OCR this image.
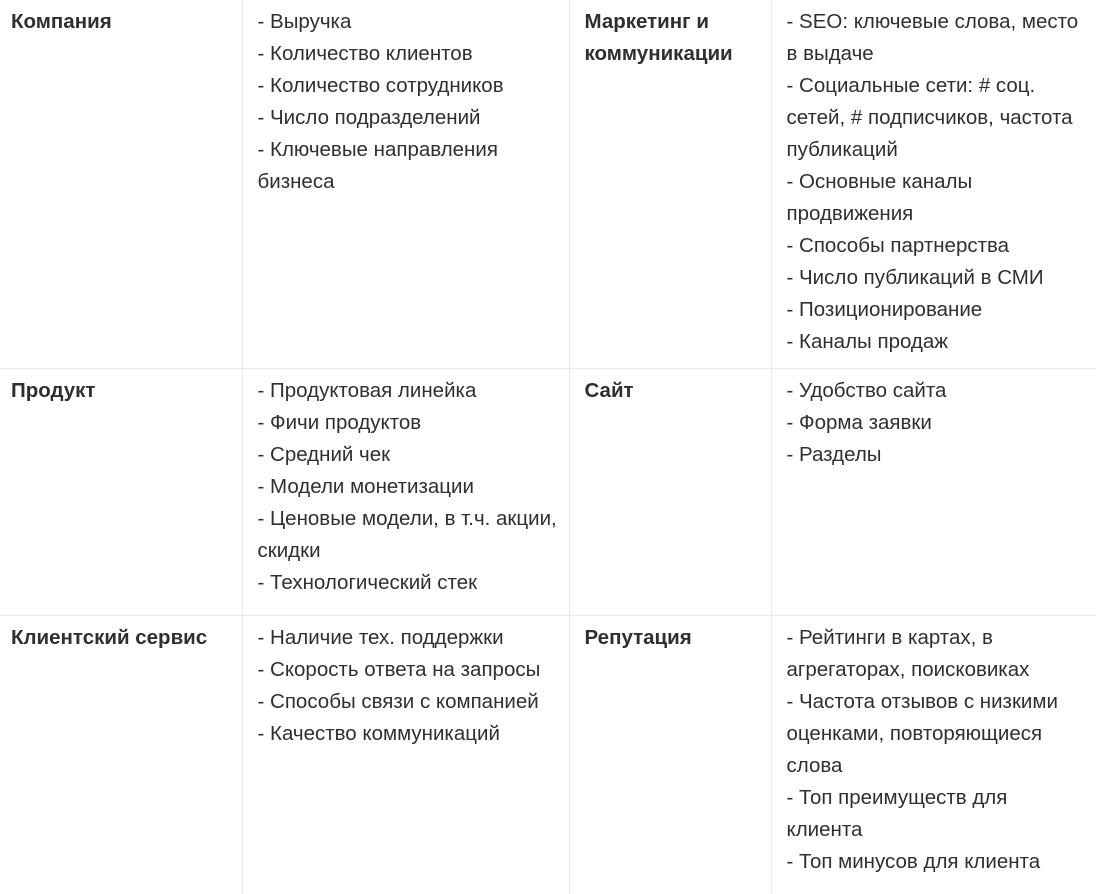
Компания	- Выручка
- Количество клиентов
- Количество сотрудников
- Число подразделений
- Ключевые направления бизнеса
	Маркетинг и коммуникации	
- SEO: ключевые слова, место в выдаче
- Социальные сети: # соц. сетей, # подписчиков, частота публикаций
- Основные каналы продвижения
- Способы партнерства
- Число публикаций в СМИ
- Позиционирование
- Каналы продаж

Продукт	- Продуктовая линейка
- Фичи продуктов
- Средний чек
- Модели монетизации
- Ценовые модели, в т.ч. акции, скидки
- Технологический стек
	Сайт	- Удобство сайта
- Форма заявки
- Разделы

Клиентский сервис	- Наличие тех. поддержки
- Скорость ответа на запросы
- Способы связи с компанией
- Качество коммуникаций	Репутация	- Рейтинги в картах, в агрегаторах, поисковиках
- Частота отзывов с низкими оценками, повторяющиеся слова
- Топ преимуществ для клиента
- Топ минусов для клиента
